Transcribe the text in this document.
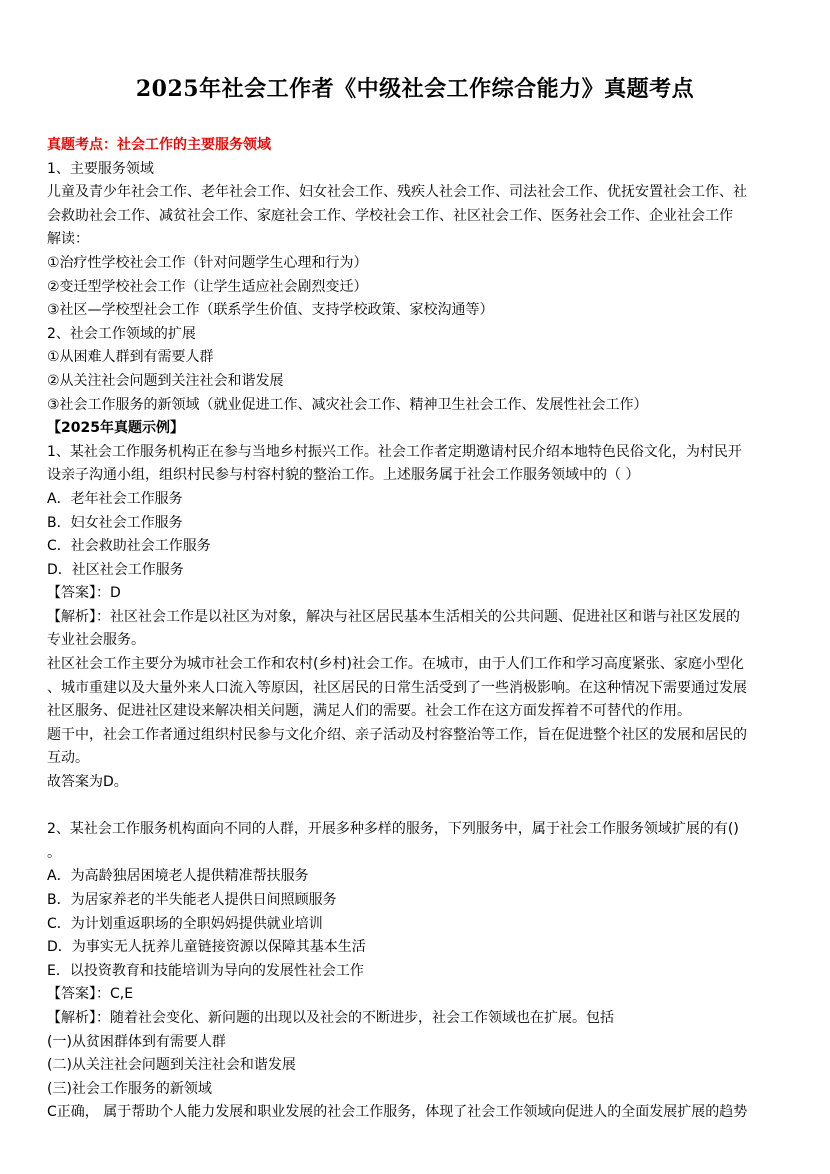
2025年社会工作者《中级社会工作综合能力》真题考点

真题考点：社会工作的主要服务领域

1、主要服务领域

儿童及青少年社会工作、老年社会工作、妇女社会工作、残疾人社会工作、司法社会工作、优抚安置社会工作、社

会救助社会工作、减贫社会工作、家庭社会工作、学校社会工作、社区社会工作、医务社会工作、企业社会工作

解读：

①治疗性学校社会工作（针对问题学生心理和行为）

②变迁型学校社会工作（让学生适应社会剧烈变迁）

③社区—学校型社会工作（联系学生价值、支持学校政策、家校沟通等）

2、社会工作领域的扩展

①从困难人群到有需要人群

②从关注社会问题到关注社会和谐发展

③社会工作服务的新领域（就业促进工作、减灾社会工作、精神卫生社会工作、发展性社会工作）

【2025年真题示例】

1、某社会工作服务机构正在参与当地乡村振兴工作。社会工作者定期邀请村民介绍本地特色民俗文化，为村民开

设亲子沟通小组，组织村民参与村容村貌的整治工作。上述服务属于社会工作服务领域中的（ ）

A．老年社会工作服务

B．妇女社会工作服务

C．社会救助社会工作服务

D．社区社会工作服务

【答案】：D

【解析】：社区社会工作是以社区为对象，解决与社区居民基本生活相关的公共问题、促进社区和谐与社区发展的

专业社会服务。

社区社会工作主要分为城市社会工作和农村(乡村)社会工作。在城市，由于人们工作和学习高度紧张、家庭小型化

、城市重建以及大量外来人口流入等原因，社区居民的日常生活受到了一些消极影响。在这种情况下需要通过发展

社区服务、促进社区建设来解决相关问题，满足人们的需要。社会工作在这方面发挥着不可替代的作用。

题干中，社会工作者通过组织村民参与文化介绍、亲子活动及村容整治等工作，旨在促进整个社区的发展和居民的

互动。

故答案为D。

2、某社会工作服务机构面向不同的人群，开展多种多样的服务，下列服务中，属于社会工作服务领域扩展的有()

。

A．为高龄独居困境老人提供精准帮扶服务

B．为居家养老的半失能老人提供日间照顾服务

C．为计划重返职场的全职妈妈提供就业培训

D．为事实无人抚养儿童链接资源以保障其基本生活

E．以投资教育和技能培训为导向的发展性社会工作

【答案】：C,E

【解析】：随着社会变化、新问题的出现以及社会的不断进步，社会工作领域也在扩展。包括

(一)从贫困群体到有需要人群

(二)从关注社会问题到关注社会和谐发展

(三)社会工作服务的新领域

C正确， 属于帮助个人能力发展和职业发展的社会工作服务，体现了社会工作领域向促进人的全面发展扩展的趋势
